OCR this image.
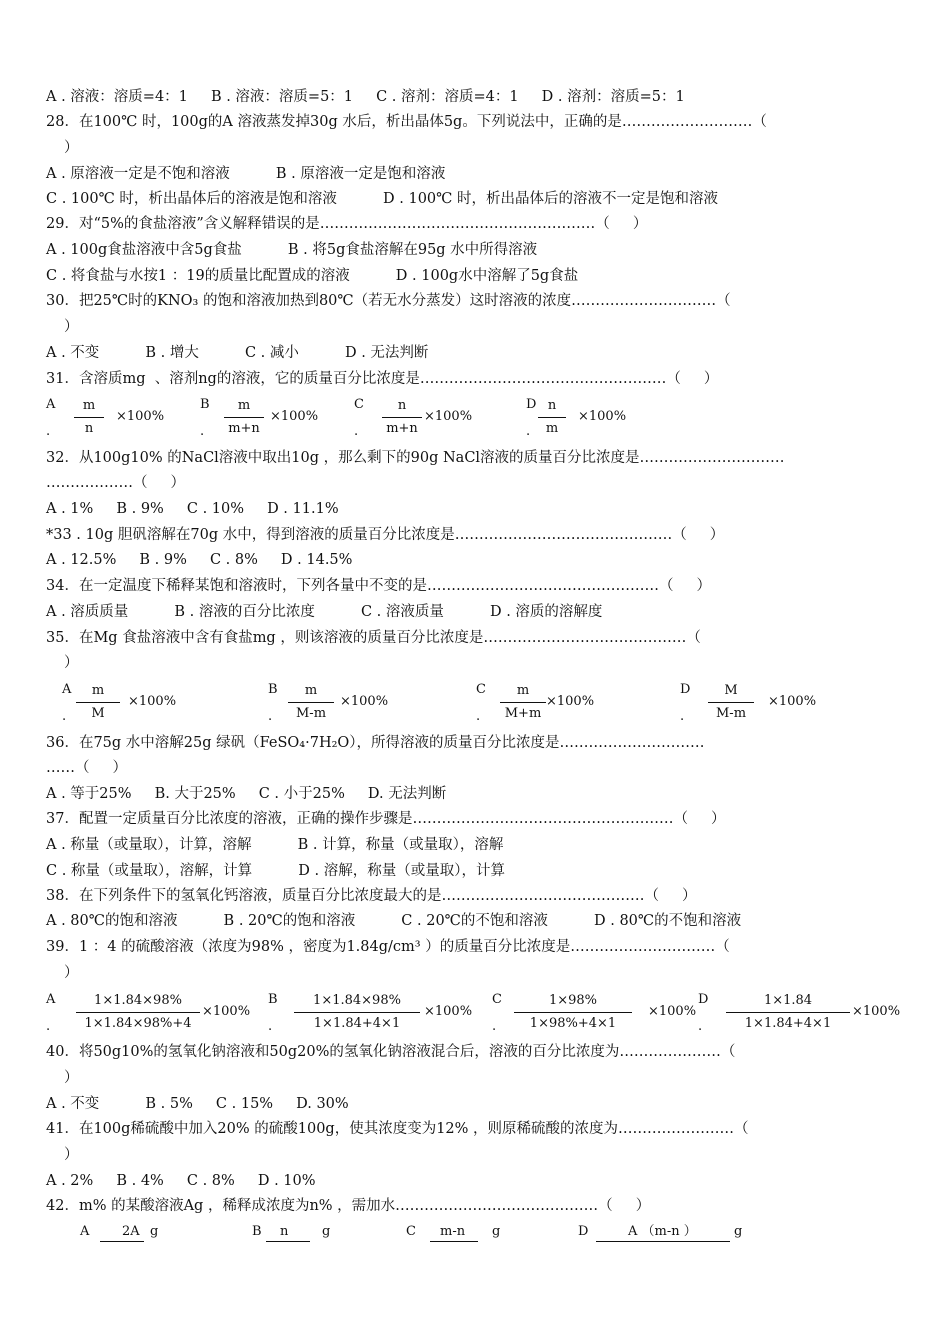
A . 溶液：溶质=4：1     B . 溶液：溶质=5：1     C . 溶剂：溶质=4：1     D . 溶剂：溶质=5：1
28．在100℃ 时，100g的A 溶液蒸发掉30g 水后，析出晶体5g。下列说法中，正确的是………………………（
）
A . 原溶液一定是不饱和溶液          B . 原溶液一定是饱和溶液
C . 100℃ 时，析出晶体后的溶液是饱和溶液          D . 100℃ 时，析出晶体后的溶液不一定是饱和溶液
29．对“5%的食盐溶液”含义解释错误的是…………………………………………………（     ）
A . 100g食盐溶液中含5g食盐          B . 将5g食盐溶解在95g 水中所得溶液
C . 将食盐与水按1 ：19的质量比配置成的溶液          D . 100g水中溶解了5g食盐
30．把25℃时的KNO₃ 的饱和溶液加热到80℃（若无水分蒸发）这时溶液的浓度…………………………（
）
A . 不变          B . 增大          C . 减小          D . 无法判断
31．含溶质mg  、溶剂ng的溶液，它的质量百分比浓度是……………………………………………（     ）
32．从100g10% 的NaCl溶液中取出10g ，那么剩下的90g NaCl溶液的质量百分比浓度是…………………………
………………（     ）
A . 1%     B . 9%     C . 10%     D . 11.1%
*33 . 10g 胆矾溶解在70g 水中，得到溶液的质量百分比浓度是………………………………………（     ）
A . 12.5%     B . 9%     C . 8%     D . 14.5%
34．在一定温度下稀释某饱和溶液时，下列各量中不变的是…………………………………………（     ）
A . 溶质质量          B . 溶液的百分比浓度          C . 溶液质量          D . 溶质的溶解度
35．在Mg 食盐溶液中含有食盐mg ，则该溶液的质量百分比浓度是……………………………………（
）
36．在75g 水中溶解25g 绿矾（FeSO₄·7H₂O），所得溶液的质量百分比浓度是…………………………
……（     ）
A . 等于25%     B. 大于25%     C . 小于25%     D. 无法判断
37．配置一定质量百分比浓度的溶液，正确的操作步骤是………………………………………………（     ）
A . 称量（或量取），计算，溶解          B . 计算，称量（或量取），溶解
C . 称量（或量取），溶解，计算          D . 溶解，称量（或量取），计算
38．在下列条件下的氢氧化钙溶液，质量百分比浓度最大的是……………………………………（     ）
A . 80℃的饱和溶液          B . 20℃的饱和溶液          C . 20℃的不饱和溶液          D . 80℃的不饱和溶液
39．1 ：4 的硫酸溶液（浓度为98% ，密度为1.84g/cm³ ）的质量百分比浓度是…………………………（
）
40．将50g10%的氢氧化钠溶液和50g20%的氢氧化钠溶液混合后，溶液的百分比浓度为…………………（
）
A . 不变          B . 5%     C . 15%     D. 30%
41．在100g稀硫酸中加入20% 的硫酸100g，使其浓度变为12% ，则原稀硫酸的浓度为……………………（
）
A . 2%     B . 4%     C . 8%     D . 10%
42．m% 的某酸溶液Ag ，稀释成浓度为n% ，需加水……………………………………（     ）
A
. $\frac{m}{n} \times 100\%$
B
. $\frac{m}{m+n} \times 100\%$
C
. $\frac{n}{m+n} \times 100\%$
D
. $\frac{n}{m} \times 100\%$
A
. $\frac{m}{M} \times 100\%$
B
. $\frac{m}{M-m} \times 100\%$
C
. $\frac{m}{M+m} \times 100\%$
D
. $\frac{M}{M-m} \times 100\%$
A
. $\frac{1\times 1.84\times 98\%}{1\times 1.84\times 98\%+4} \times 100\%$
B
. $\frac{1\times 1.84\times 98\%}{1\times 1.84+4\times 1} \times 100\%$
C
. $\frac{1\times 98\%}{1\times 98\%+4\times 1} \times 100\%$
D
. $\frac{1\times 1.84}{1\times 1.84+4\times 1} \times 100\%$
A	2A g	B n	g	C m-n g	D	A （m-n ）	g
